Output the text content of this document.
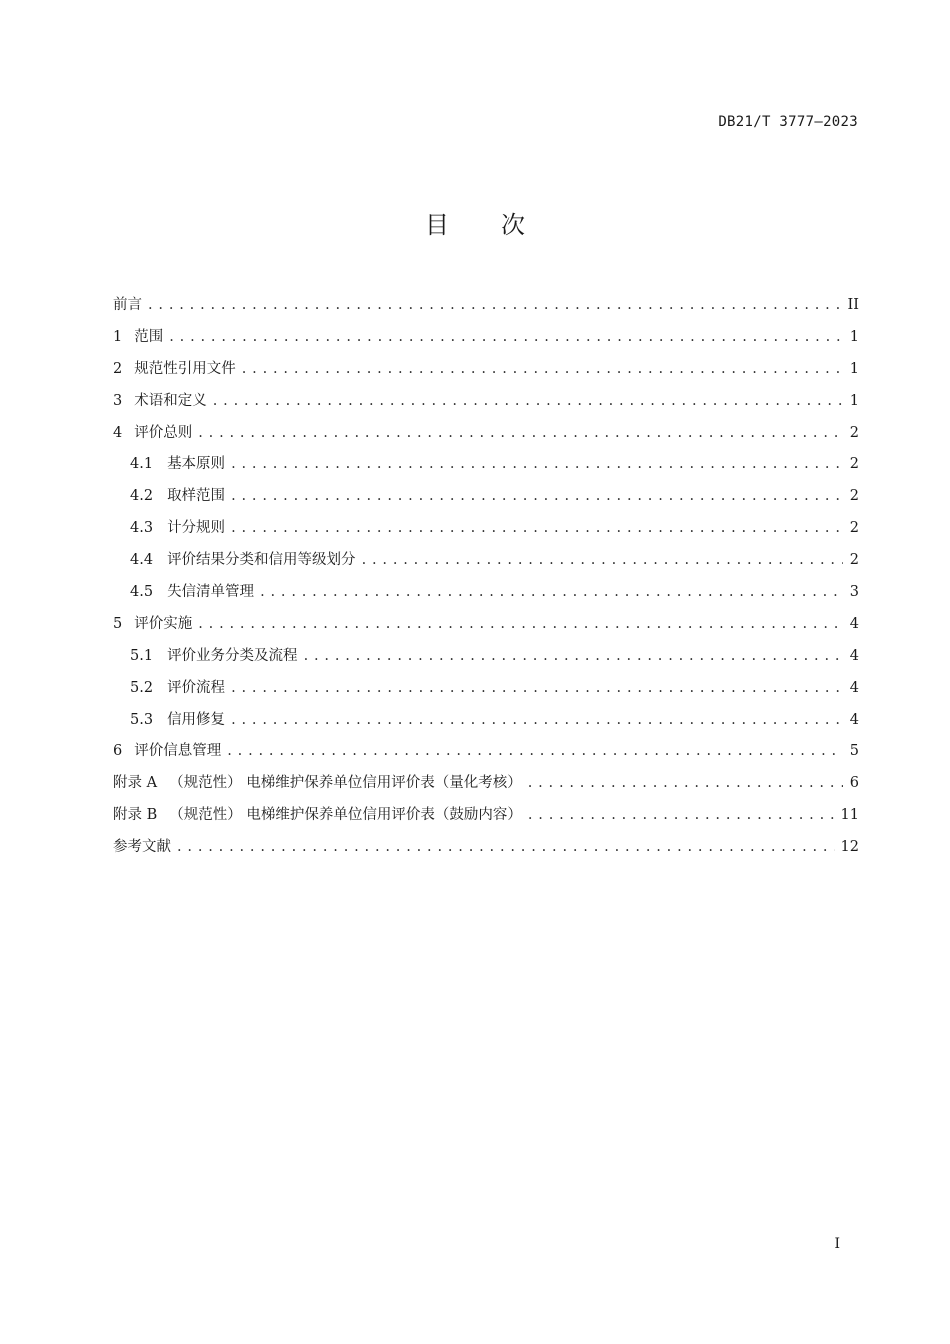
DB21/T 3777—2023
目 次
前言 . . .	II
1 范围 . . .	1
2 规范性引用文件 . . .	1
3 术语和定义 . . .	1
4 评价总则 . . .	2
4.1 基本原则 . . .	2
4.2 取样范围 . . .	2
4.3 计分规则 . . .	2
4.4 评价结果分类和信用等级划分 . . .	2
4.5 失信清单管理 . . .	3
5 评价实施 . . .	4
5.1 评价业务分类及流程 . . .	4
5.2 评价流程 . . .	4
5.3 信用修复 . . .	4
6 评价信息管理 . . .	5
附录 A （规范性） 电梯维护保养单位信用评价表（量化考核） . . .	6
附录 B （规范性） 电梯维护保养单位信用评价表（鼓励内容） . . .	11
参考文献 . . .	12
I
